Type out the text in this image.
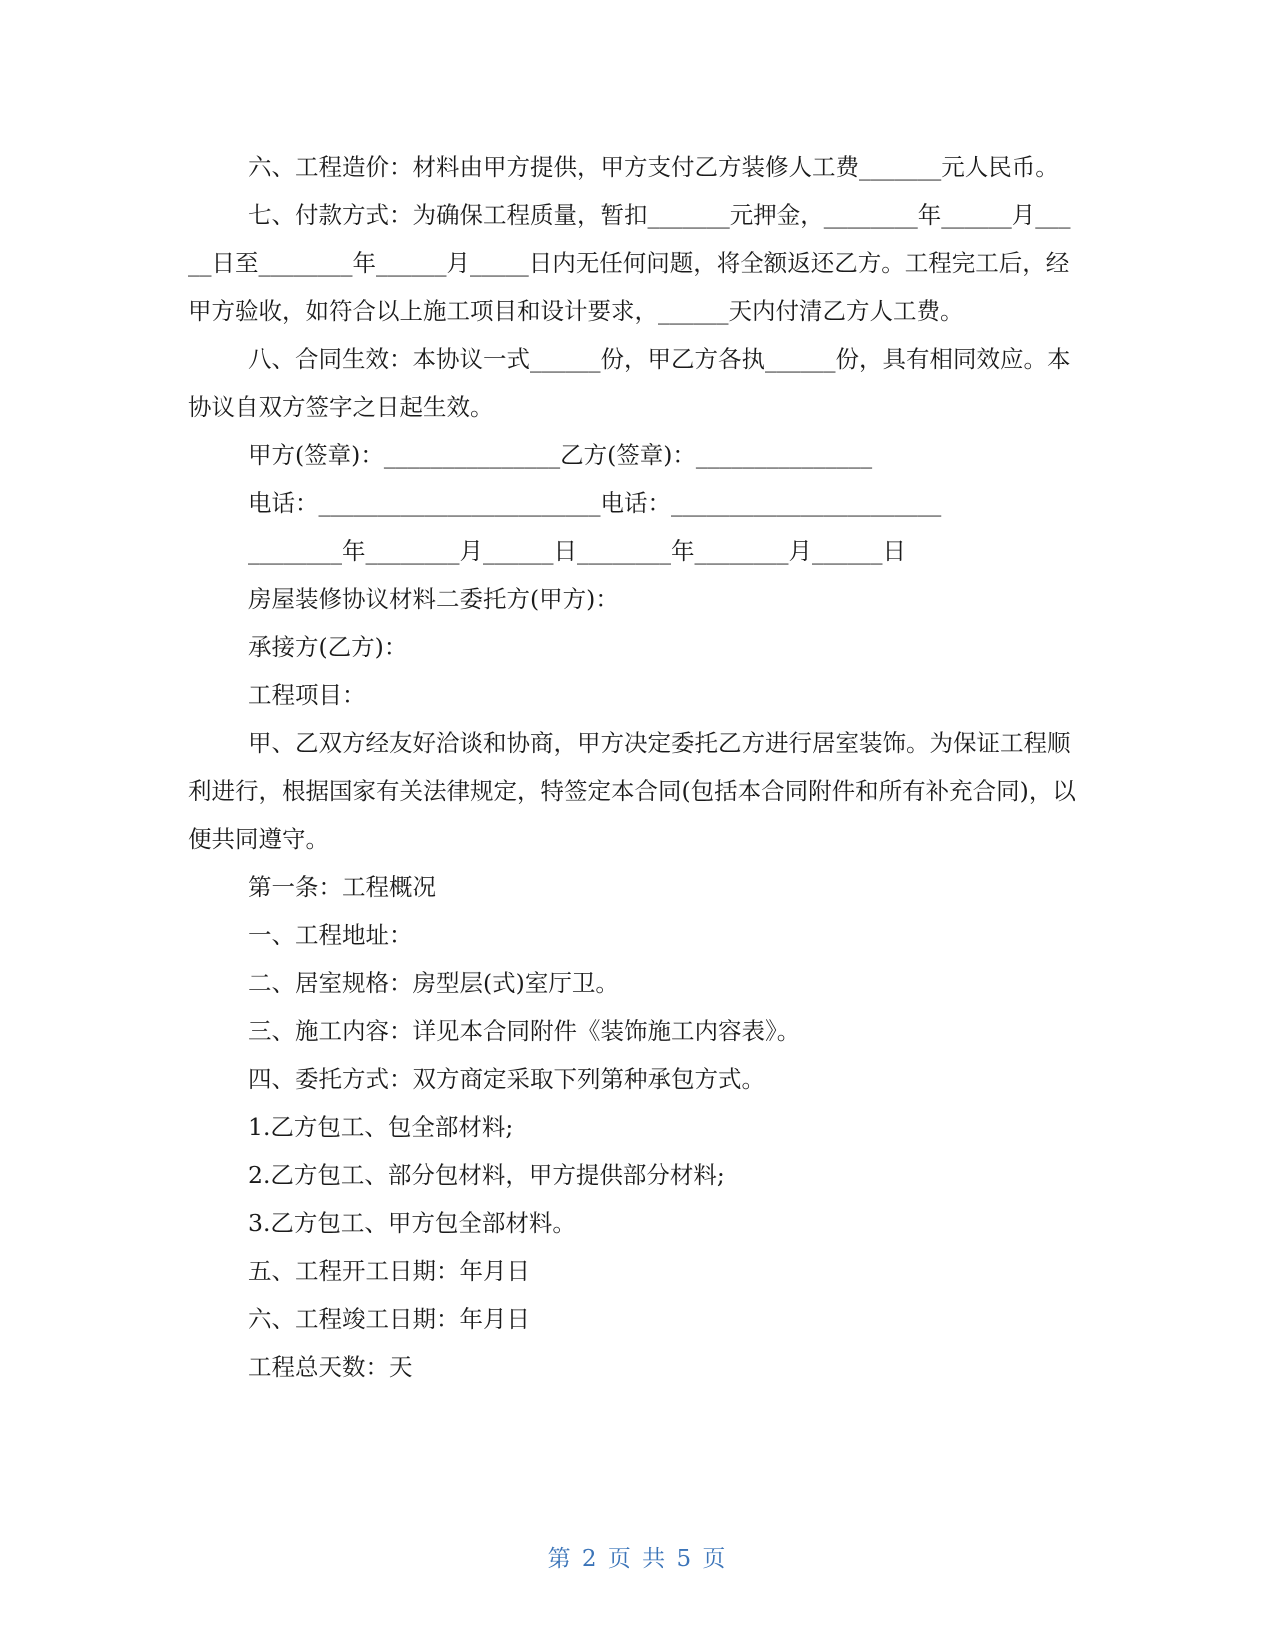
六、工程造价：材料由甲方提供，甲方支付乙方装修人工费_______元人民币。

七、付款方式：为确保工程质量，暂扣_______元押金，________年______月_____日至________年______月_____日内无任何问题，将全额返还乙方。工程完工后，经甲方验收，如符合以上施工项目和设计要求，______天内付清乙方人工费。

八、合同生效：本协议一式______份，甲乙方各执______份，具有相同效应。本协议自双方签字之日起生效。

甲方(签章)：_______________乙方(签章)：_______________

电话：________________________电话：_______________________

________年________月______日________年________月______日

房屋装修协议材料二委托方(甲方)：

承接方(乙方)：

工程项目：

甲、乙双方经友好洽谈和协商，甲方决定委托乙方进行居室装饰。为保证工程顺利进行，根据国家有关法律规定，特签定本合同(包括本合同附件和所有补充合同)，以便共同遵守。

第一条：工程概况

一、工程地址：

二、居室规格：房型层(式)室厅卫。

三、施工内容：详见本合同附件《装饰施工内容表》。

四、委托方式：双方商定采取下列第种承包方式。

1.乙方包工、包全部材料;

2.乙方包工、部分包材料，甲方提供部分材料;

3.乙方包工、甲方包全部材料。

五、工程开工日期：年月日

六、工程竣工日期：年月日

工程总天数：天

第 2 页 共 5 页
